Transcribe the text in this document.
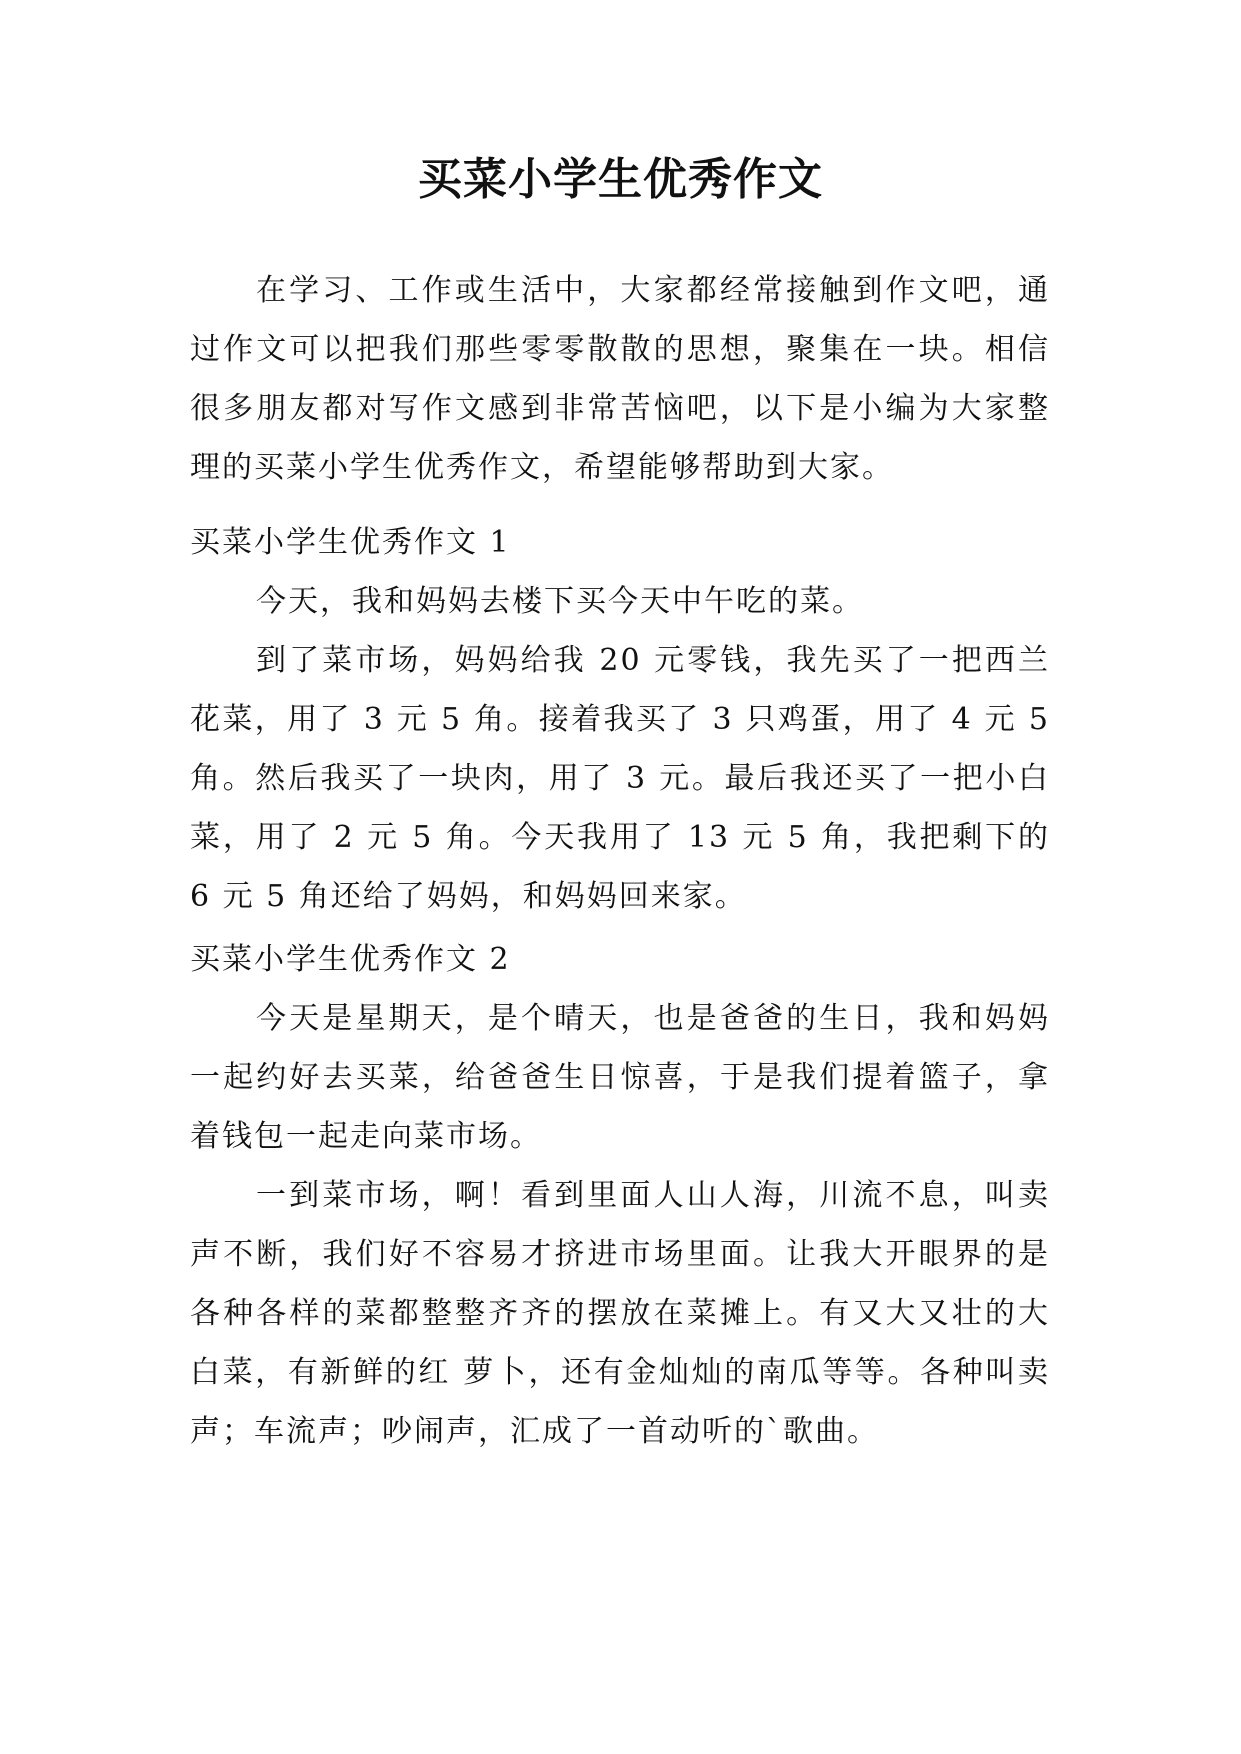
买菜小学生优秀作文

在学习、工作或生活中，大家都经常接触到作文吧，通过作文可以把我们那些零零散散的思想，聚集在一块。相信很多朋友都对写作文感到非常苦恼吧，以下是小编为大家整理的买菜小学生优秀作文，希望能够帮助到大家。

买菜小学生优秀作文 1

今天，我和妈妈去楼下买今天中午吃的菜。

到了菜市场，妈妈给我 20 元零钱，我先买了一把西兰花菜，用了 3 元 5 角。接着我买了 3 只鸡蛋，用了 4 元 5 角。然后我买了一块肉，用了 3 元。最后我还买了一把小白菜，用了 2 元 5 角。今天我用了 13 元 5 角，我把剩下的 6 元 5 角还给了妈妈，和妈妈回来家。

买菜小学生优秀作文 2

今天是星期天，是个晴天，也是爸爸的生日，我和妈妈一起约好去买菜，给爸爸生日惊喜，于是我们提着篮子，拿着钱包一起走向菜市场。

一到菜市场，啊！看到里面人山人海，川流不息，叫卖声不断，我们好不容易才挤进市场里面。让我大开眼界的是各种各样的菜都整整齐齐的摆放在菜摊上。有又大又壮的大白菜，有新鲜的红 萝卜，还有金灿灿的南瓜等等。各种叫卖声；车流声；吵闹声，汇成了一首动听的`歌曲。
